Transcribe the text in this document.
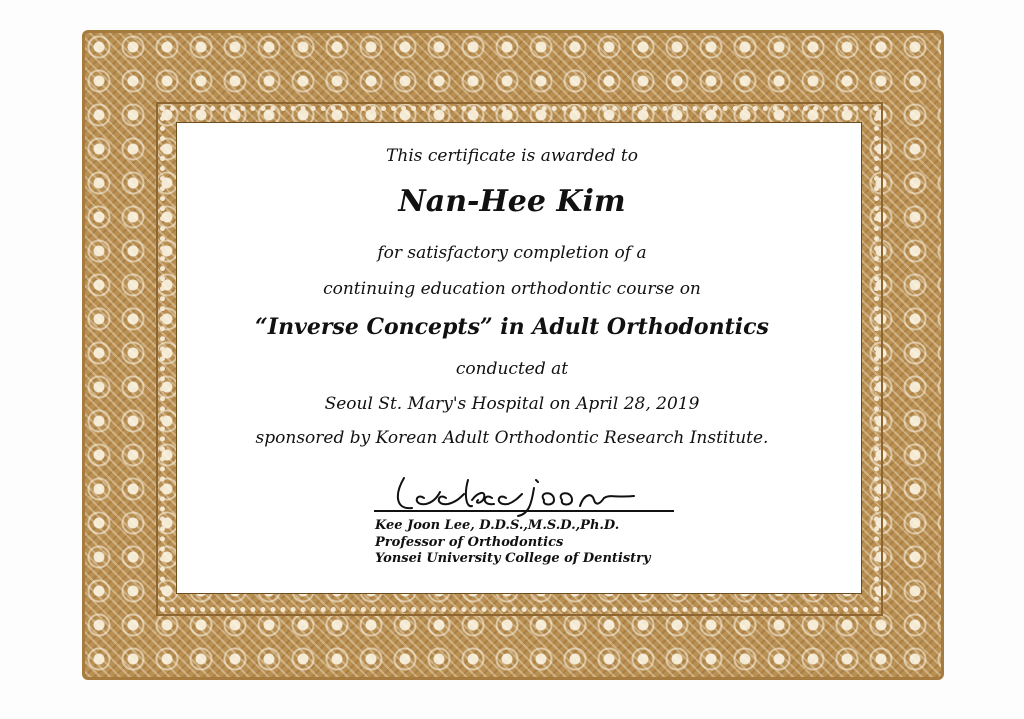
This certificate is awarded to
Nan-Hee Kim
for satisfactory completion of a
continuing education orthodontic course on
“Inverse Concepts” in Adult Orthodontics
conducted at
Seoul St. Mary's Hospital on April 28, 2019
sponsored by Korean Adult Orthodontic Research Institute.
Kee Joon Lee, D.D.S.,M.S.D.,Ph.D.
Professor of Orthodontics
Yonsei University College of Dentistry
